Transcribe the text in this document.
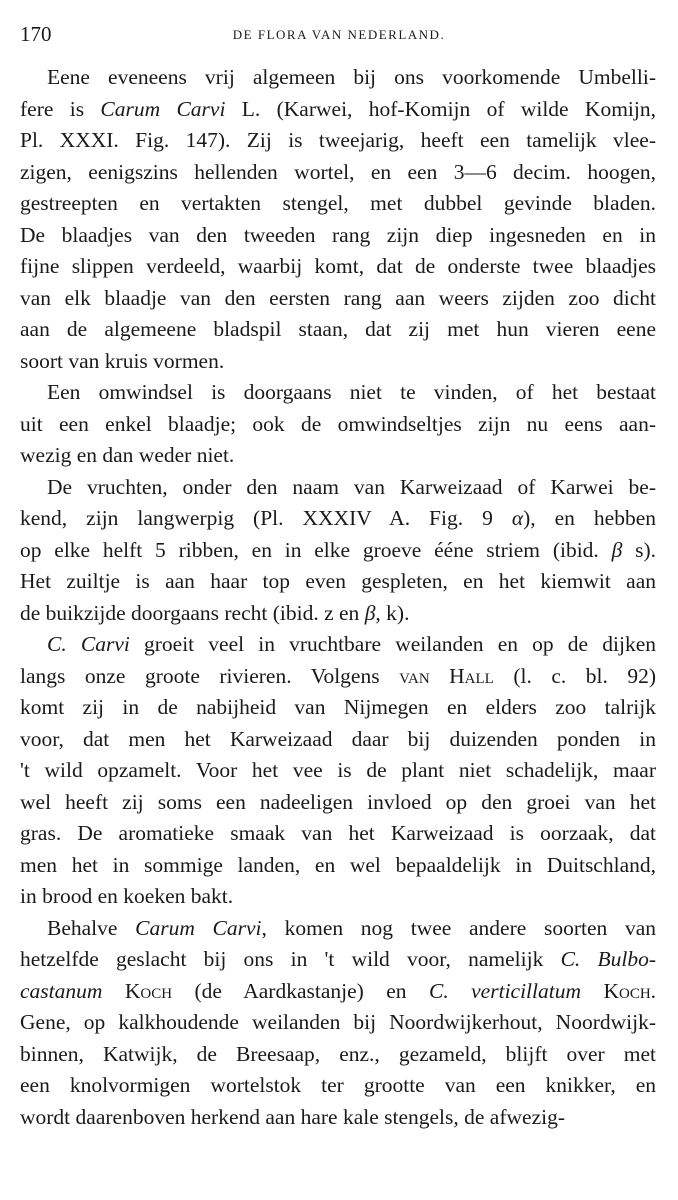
170	DE FLORA VAN NEDERLAND.
Eene eveneens vrij algemeen bij ons voorkomende Umbelli-
fere is Carum Carvi L. (Karwei, hof-Komijn of wilde Komijn,
Pl. XXXI. Fig. 147). Zij is tweejarig, heeft een tamelijk vlee-
zigen, eenigszins hellenden wortel, en een 3—6 decim. hoogen,
gestreepten en vertakten stengel, met dubbel gevinde bladen.
De blaadjes van den tweeden rang zijn diep ingesneden en in
fijne slippen verdeeld, waarbij komt, dat de onderste twee blaadjes
van elk blaadje van den eersten rang aan weers zijden zoo dicht
aan de algemeene bladspil staan, dat zij met hun vieren eene
soort van kruis vormen.
Een omwindsel is doorgaans niet te vinden, of het bestaat
uit een enkel blaadje; ook de omwindseltjes zijn nu eens aan-
wezig en dan weder niet.
De vruchten, onder den naam van Karweizaad of Karwei be-
kend, zijn langwerpig (Pl. XXXIV A. Fig. 9 α), en hebben
op elke helft 5 ribben, en in elke groeve ééne striem (ibid. β s).
Het zuiltje is aan haar top even gespleten, en het kiemwit aan
de buikzijde doorgaans recht (ibid. z en β, k).
C. Carvi groeit veel in vruchtbare weilanden en op de dijken
langs onze groote rivieren. Volgens van Hall (l. c. bl. 92)
komt zij in de nabijheid van Nijmegen en elders zoo talrijk
voor, dat men het Karweizaad daar bij duizenden ponden in
't wild opzamelt. Voor het vee is de plant niet schadelijk, maar
wel heeft zij soms een nadeeligen invloed op den groei van het
gras. De aromatieke smaak van het Karweizaad is oorzaak, dat
men het in sommige landen, en wel bepaaldelijk in Duitschland,
in brood en koeken bakt.
Behalve Carum Carvi, komen nog twee andere soorten van
hetzelfde geslacht bij ons in 't wild voor, namelijk C. Bulbo-
castanum Koch (de Aardkastanje) en C. verticillatum Koch.
Gene, op kalkhoudende weilanden bij Noordwijkerhout, Noordwijk-
binnen, Katwijk, de Breesaap, enz., gezameld, blijft over met
een knolvormigen wortelstok ter grootte van een knikker, en
wordt daarenboven herkend aan hare kale stengels, de afwezig-
